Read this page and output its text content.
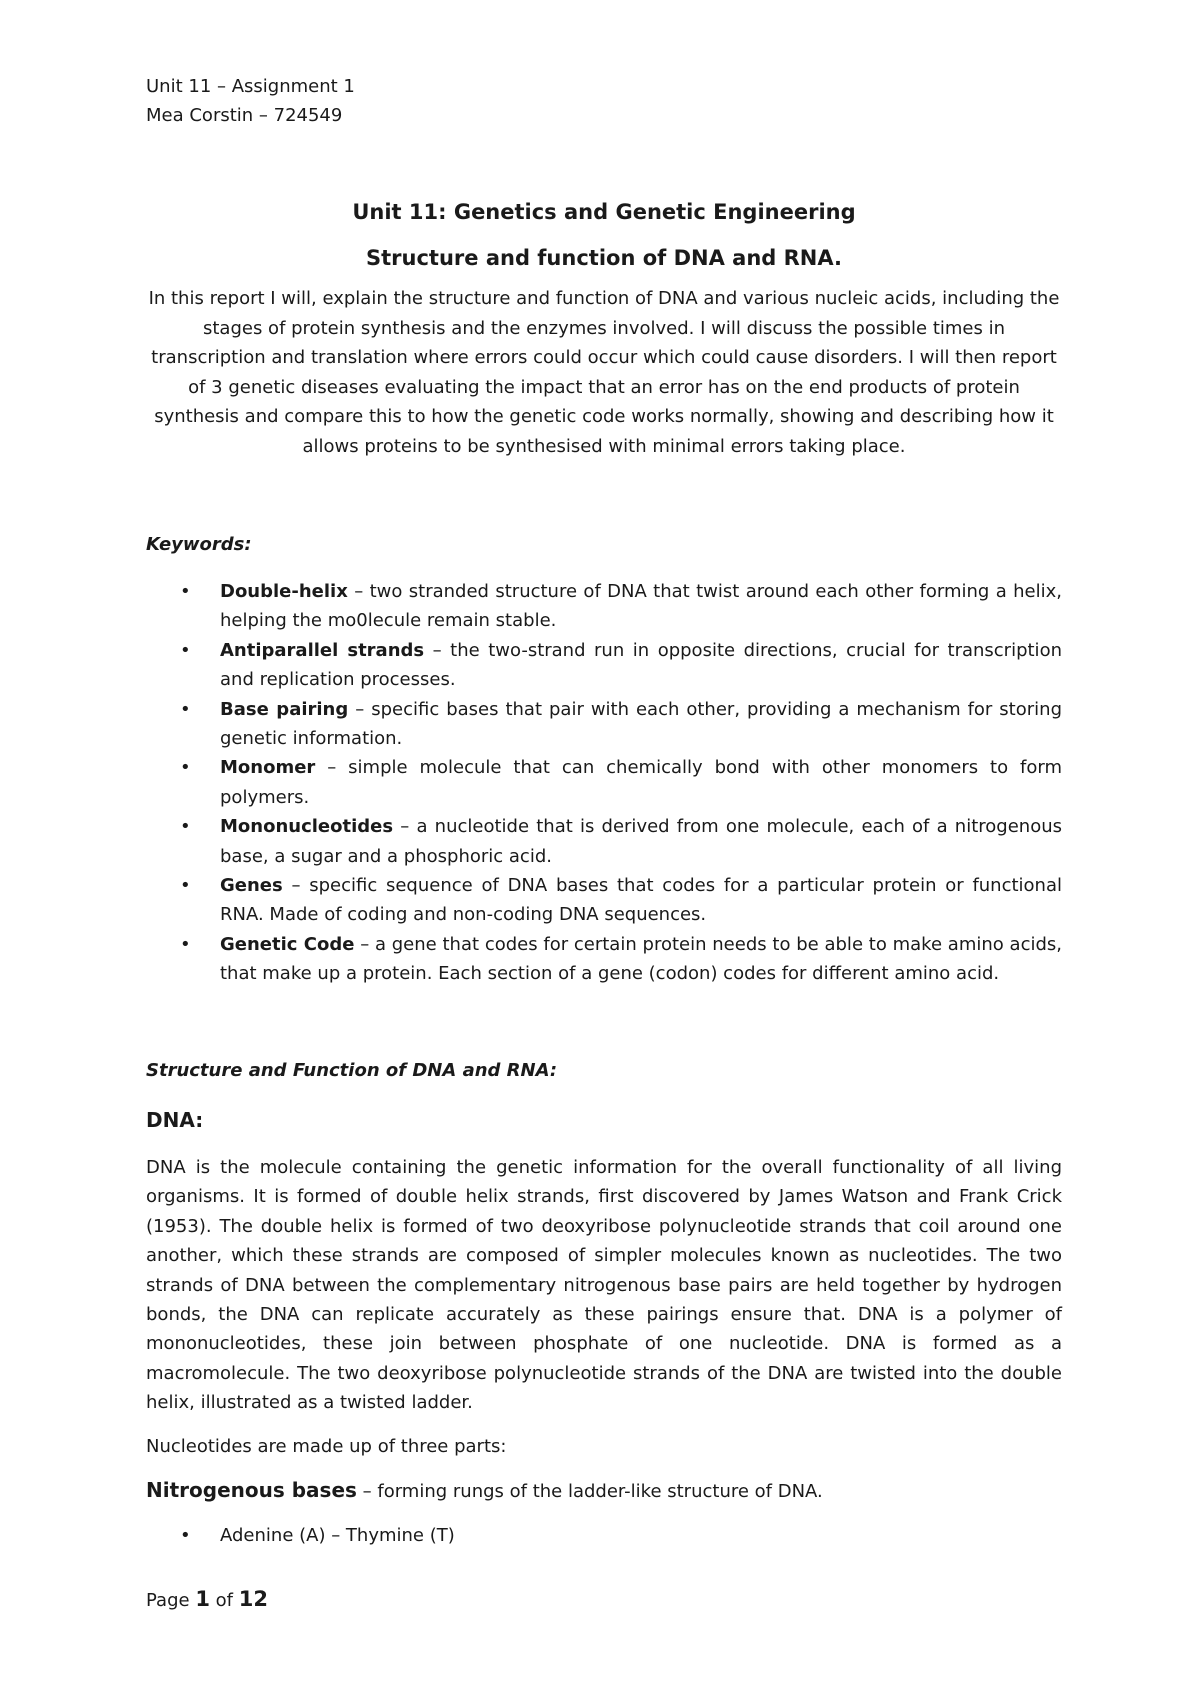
Unit 11 – Assignment 1
Mea Corstin – 724549
Unit 11: Genetics and Genetic Engineering
Structure and function of DNA and RNA.

In this report I will, explain the structure and function of DNA and various nucleic acids, including the stages of protein synthesis and the enzymes involved. I will discuss the possible times in transcription and translation where errors could occur which could cause disorders. I will then report of 3 genetic diseases evaluating the impact that an error has on the end products of protein synthesis and compare this to how the genetic code works normally, showing and describing how it allows proteins to be synthesised with minimal errors taking place.

Keywords:

• Double-helix – two stranded structure of DNA that twist around each other forming a helix, helping the mo0lecule remain stable.
• Antiparallel strands – the two-strand run in opposite directions, crucial for transcription and replication processes.
• Base pairing – specific bases that pair with each other, providing a mechanism for storing genetic information.
• Monomer – simple molecule that can chemically bond with other monomers to form polymers.
• Mononucleotides – a nucleotide that is derived from one molecule, each of a nitrogenous base, a sugar and a phosphoric acid.
• Genes – specific sequence of DNA bases that codes for a particular protein or functional RNA. Made of coding and non-coding DNA sequences.
• Genetic Code – a gene that codes for certain protein needs to be able to make amino acids, that make up a protein. Each section of a gene (codon) codes for different amino acid.

Structure and Function of DNA and RNA:

DNA:

DNA is the molecule containing the genetic information for the overall functionality of all living organisms. It is formed of double helix strands, first discovered by James Watson and Frank Crick (1953). The double helix is formed of two deoxyribose polynucleotide strands that coil around one another, which these strands are composed of simpler molecules known as nucleotides. The two strands of DNA between the complementary nitrogenous base pairs are held together by hydrogen bonds, the DNA can replicate accurately as these pairings ensure that. DNA is a polymer of mononucleotides, these join between phosphate of one nucleotide. DNA is formed as a macromolecule. The two deoxyribose polynucleotide strands of the DNA are twisted into the double helix, illustrated as a twisted ladder.

Nucleotides are made up of three parts:

Nitrogenous bases – forming rungs of the ladder-like structure of DNA.

• Adenine (A) – Thymine (T)
Page 1 of 12
